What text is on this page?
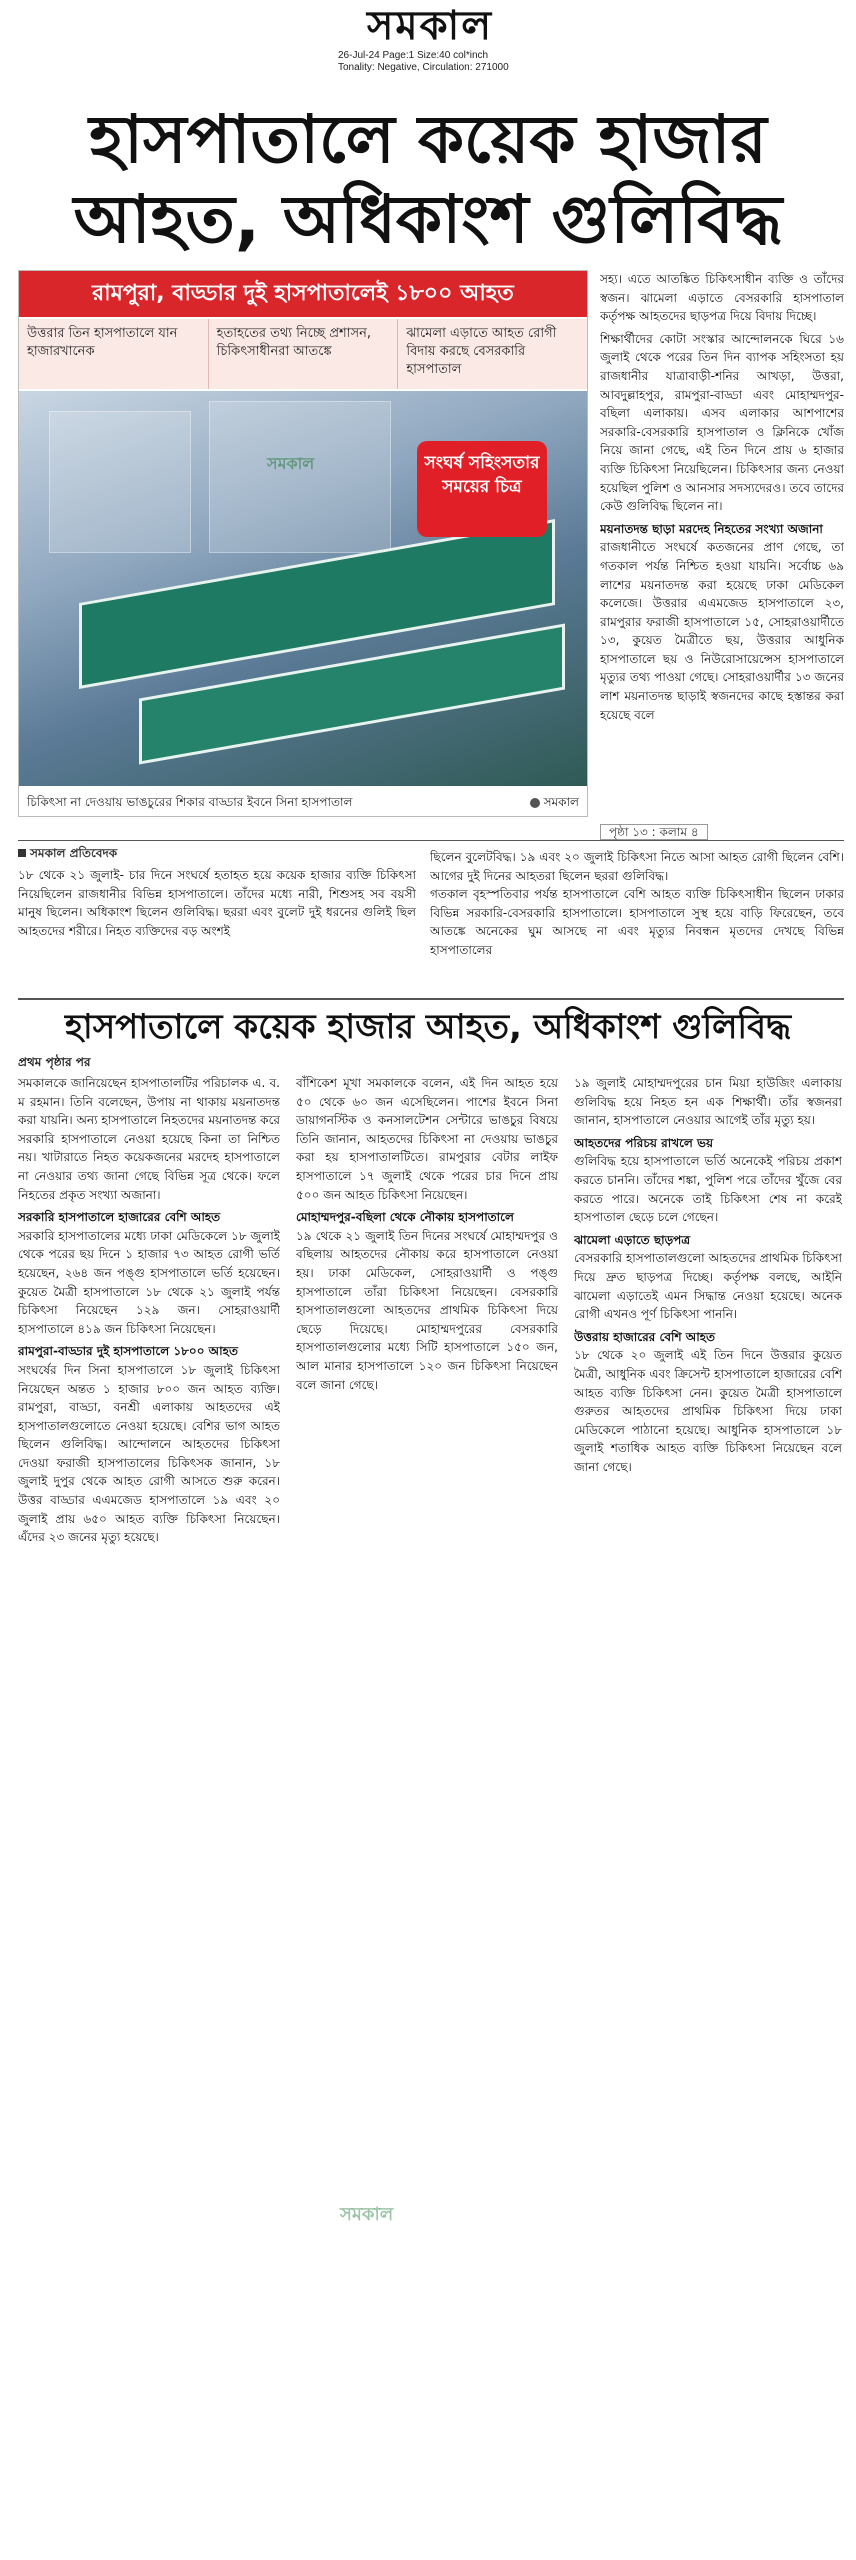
সমকাল
26-Jul-24 Page:1 Size:40 col*inch
Tonality: Negative, Circulation: 271000
হাসপাতালে কয়েক হাজার আহত, অধিকাংশ গুলিবিদ্ধ
রামপুরা, বাড্ডার দুই হাসপাতালেই ১৮০০ আহত
উত্তরার তিন হাসপাতালে যান হাজারখানেক
হতাহতের তথ্য নিচ্ছে প্রশাসন, চিকিৎসাধীনরা আতঙ্কে
ঝামেলা এড়াতে আহত রোগী বিদায় করছে বেসরকারি হাসপাতাল
সমকাল	সংঘর্ষ সহিংসতার সময়ের চিত্র
চিকিৎসা না দেওয়ায় ভাঙচুরের শিকার বাড্ডার ইবনে সিনা হাসপাতাল	সমকাল

সহ্য। এতে আতঙ্কিত চিকিৎসাধীন ব্যক্তি ও তাঁদের স্বজন। ঝামেলা এড়াতে বেসরকারি হাসপাতাল কর্তৃপক্ষ আহতদের ছাড়পত্র দিয়ে বিদায় দিচ্ছে।

শিক্ষার্থীদের কোটা সংস্কার আন্দোলনকে ঘিরে ১৬ জুলাই থেকে পরের তিন দিন ব্যাপক সহিংসতা হয় রাজধানীর যাত্রাবাড়ী-শনির আখড়া, উত্তরা, আবদুল্লাহপুর, রামপুরা-বাড্ডা এবং মোহাম্মদপুর-বছিলা এলাকায়। এসব এলাকার আশপাশের সরকারি-বেসরকারি হাসপাতাল ও ক্লিনিকে খোঁজ নিয়ে জানা গেছে, এই তিন দিনে প্রায় ৬ হাজার ব্যক্তি চিকিৎসা নিয়েছিলেন। চিকিৎসার জন্য নেওয়া হয়েছিল পুলিশ ও আনসার সদস্যদেরও। তবে তাদের কেউ গুলিবিদ্ধ ছিলেন না।

ময়নাতদন্ত ছাড়া মরদেহ নিহতের সংখ্যা অজানা

রাজধানীতে সংঘর্ষে কতজনের প্রাণ গেছে, তা গতকাল পর্যন্ত নিশ্চিত হওয়া যায়নি। সর্বোচ্চ ৬৯ লাশের ময়নাতদন্ত করা হয়েছে ঢাকা মেডিকেল কলেজে। উত্তরার এএমজেড হাসপাতালে ২৩, রামপুরার ফরাজী হাসপাতালে ১৫, সোহরাওয়ার্দীতে ১৩, কুয়েত মৈত্রীতে ছয়, উত্তরার আধুনিক হাসপাতালে ছয় ও নিউরোসায়েন্সেস হাসপাতালে মৃত্যুর তথ্য পাওয়া গেছে। সোহরাওয়ার্দীর ১৩ জনের লাশ ময়নাতদন্ত ছাড়াই স্বজনদের কাছে হস্তান্তর করা হয়েছে বলে

পৃষ্ঠা ১৩ : কলাম ৪
সমকাল প্রতিবেদক
১৮ থেকে ২১ জুলাই- চার দিনে সংঘর্ষে হতাহত হয়ে কয়েক হাজার ব্যক্তি চিকিৎসা নিয়েছিলেন রাজধানীর বিভিন্ন হাসপাতালে। তাঁদের মধ্যে নারী, শিশুসহ সব বয়সী মানুষ ছিলেন। অধিকাংশ ছিলেন গুলিবিদ্ধ। ছররা এবং বুলেট দুই ধরনের গুলিই ছিল আহতদের শরীরে। নিহত ব্যক্তিদের বড় অংশই
ছিলেন বুলেটবিদ্ধ। ১৯ এবং ২০ জুলাই চিকিৎসা নিতে আসা আহত রোগী ছিলেন বেশি। আগের দুই দিনের আহতরা ছিলেন ছররা গুলিবিদ্ধ।
গতকাল বৃহস্পতিবার পর্যন্ত হাসপাতালে বেশি আহত ব্যক্তি চিকিৎসাধীন ছিলেন ঢাকার বিভিন্ন সরকারি-বেসরকারি হাসপাতালে। হাসপাতালে সুস্থ হয়ে বাড়ি ফিরেছেন, তবে আতঙ্কে অনেকের ঘুম আসছে না এবং মৃত্যুর নিবন্ধন মৃতদের দেখছে বিভিন্ন হাসপাতালের
হাসপাতালে কয়েক হাজার আহত, অধিকাংশ গুলিবিদ্ধ
প্রথম পৃষ্ঠার পর

সমকালকে জানিয়েছেন হাসপাতালটির পরিচালক এ. ব. ম রহমান। তিনি বলেছেন, উপায় না থাকায় ময়নাতদন্ত করা যায়নি। অন্য হাসপাতালে নিহতদের ময়নাতদন্ত করে সরকারি হাসপাতালে নেওয়া হয়েছে কিনা তা নিশ্চিত নয়। খাটারাতে নিহত কয়েকজনের মরদেহ হাসপাতালে না নেওয়ার তথ্য জানা গেছে বিভিন্ন সূত্র থেকে। ফলে নিহতের প্রকৃত সংখ্যা অজানা।

সরকারি হাসপাতালে হাজারের বেশি আহত

সরকারি হাসপাতালের মধ্যে ঢাকা মেডিকেলে ১৮ জুলাই থেকে পরের ছয় দিনে ১ হাজার ৭৩ আহত রোগী ভর্তি হয়েছেন, ২৬৪ জন পঙ্গু হাসপাতালে ভর্তি হয়েছেন। কুয়েত মৈত্রী হাসপাতালে ১৮ থেকে ২১ জুলাই পর্যন্ত চিকিৎসা নিয়েছেন ১২৯ জন। সোহরাওয়ার্দী হাসপাতালে ৪১৯ জন চিকিৎসা নিয়েছেন।

রামপুরা-বাড্ডার দুই হাসপাতালে ১৮০০ আহত

সংঘর্ষের দিন সিনা হাসপাতালে ১৮ জুলাই চিকিৎসা নিয়েছেন অন্তত ১ হাজার ৮০০ জন আহত ব্যক্তি। রামপুরা, বাড্ডা, বনশ্রী এলাকায় আহতদের এই হাসপাতালগুলোতে নেওয়া হয়েছে। বেশির ভাগ আহত ছিলেন গুলিবিদ্ধ। আন্দোলনে আহতদের চিকিৎসা দেওয়া ফরাজী হাসপাতালের চিকিৎসক জানান, ১৮ জুলাই দুপুর থেকে আহত রোগী আসতে শুরু করেন। উত্তর বাড্ডার এএমজেড হাসপাতালে ১৯ এবং ২০ জুলাই প্রায় ৬৫০ আহত ব্যক্তি চিকিৎসা নিয়েছেন। এঁদের ২৩ জনের মৃত্যু হয়েছে।

বাঁশিকেশ মূখা সমকালকে বলেন, এই দিন আহত হয়ে ৫০ থেকে ৬০ জন এসেছিলেন। পাশের ইবনে সিনা ডায়াগনস্টিক ও কনসালটেশন সেন্টারে ভাঙচুর বিষয়ে তিনি জানান, আহতদের চিকিৎসা না দেওয়ায় ভাঙচুর করা হয় হাসপাতালটিতে। রামপুরার বেটার লাইফ হাসপাতালে ১৭ জুলাই থেকে পরের চার দিনে প্রায় ৫০০ জন আহত চিকিৎসা নিয়েছেন।

মোহাম্মদপুর-বছিলা থেকে নৌকায় হাসপাতালে

১৯ থেকে ২১ জুলাই তিন দিনের সংঘর্ষে মোহাম্মদপুর ও বছিলায় আহতদের নৌকায় করে হাসপাতালে নেওয়া হয়। ঢাকা মেডিকেল, সোহরাওয়ার্দী ও পঙ্গু হাসপাতালে তাঁরা চিকিৎসা নিয়েছেন। বেসরকারি হাসপাতালগুলো আহতদের প্রাথমিক চিকিৎসা দিয়ে ছেড়ে দিয়েছে। মোহাম্মদপুরের বেসরকারি হাসপাতালগুলোর মধ্যে সিটি হাসপাতালে ১৫০ জন, আল মানার হাসপাতালে ১২০ জন চিকিৎসা নিয়েছেন বলে জানা গেছে।

১৯ জুলাই মোহাম্মদপুরের চান মিয়া হাউজিং এলাকায় গুলিবিদ্ধ হয়ে নিহত হন এক শিক্ষার্থী। তাঁর স্বজনরা জানান, হাসপাতালে নেওয়ার আগেই তাঁর মৃত্যু হয়।

আহতদের পরিচয় রাখলে ভয়

গুলিবিদ্ধ হয়ে হাসপাতালে ভর্তি অনেকেই পরিচয় প্রকাশ করতে চাননি। তাঁদের শঙ্কা, পুলিশ পরে তাঁদের খুঁজে বের করতে পারে। অনেকে তাই চিকিৎসা শেষ না করেই হাসপাতাল ছেড়ে চলে গেছেন।

ঝামেলা এড়াতে ছাড়পত্র

বেসরকারি হাসপাতালগুলো আহতদের প্রাথমিক চিকিৎসা দিয়ে দ্রুত ছাড়পত্র দিচ্ছে। কর্তৃপক্ষ বলছে, আইনি ঝামেলা এড়াতেই এমন সিদ্ধান্ত নেওয়া হয়েছে। অনেক রোগী এখনও পূর্ণ চিকিৎসা পাননি।

উত্তরায় হাজারের বেশি আহত

১৮ থেকে ২০ জুলাই এই তিন দিনে উত্তরার কুয়েত মৈত্রী, আধুনিক এবং ক্রিসেন্ট হাসপাতালে হাজারের বেশি আহত ব্যক্তি চিকিৎসা নেন। কুয়েত মৈত্রী হাসপাতালে গুরুতর আহতদের প্রাথমিক চিকিৎসা দিয়ে ঢাকা মেডিকেলে পাঠানো হয়েছে। আধুনিক হাসপাতালে ১৮ জুলাই শতাধিক আহত ব্যক্তি চিকিৎসা নিয়েছেন বলে জানা গেছে।

সমকাল
